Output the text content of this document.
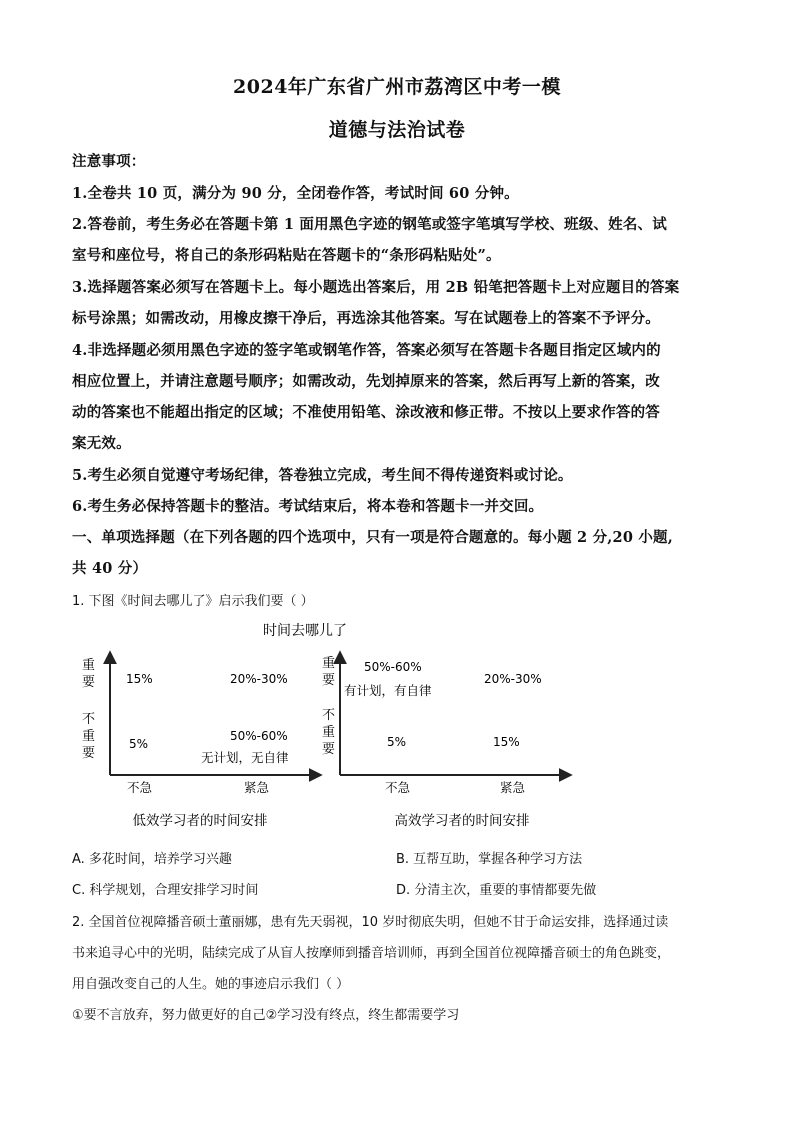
2024年广东省广州市荔湾区中考一模
道德与法治试卷
注意事项：
1.全卷共 10 页，满分为 90 分，全闭卷作答，考试时间 60 分钟。
2.答卷前，考生务必在答题卡第 1 面用黑色字迹的钢笔或签字笔填写学校、班级、姓名、试
室号和座位号，将自己的条形码粘贴在答题卡的“条形码粘贴处”。
3.选择题答案必须写在答题卡上。每小题选出答案后，用 2B 铅笔把答题卡上对应题目的答案
标号涂黑；如需改动，用橡皮擦干净后，再选涂其他答案。写在试题卷上的答案不予评分。
4.非选择题必须用黑色字迹的签字笔或钢笔作答，答案必须写在答题卡各题目指定区域内的
相应位置上，并请注意题号顺序；如需改动，先划掉原来的答案，然后再写上新的答案，改
动的答案也不能超出指定的区域；不准使用铅笔、涂改液和修正带。不按以上要求作答的答
案无效。
5.考生必须自觉遵守考场纪律，答卷独立完成，考生间不得传递资料或讨论。
6.考生务必保持答题卡的整洁。考试结束后，将本卷和答题卡一并交回。
一、单项选择题（在下列各题的四个选项中，只有一项是符合题意的。每小题 2 分,20 小题,
共 40 分）
1. 下图《时间去哪儿了》启示我们要（ ）
时间去哪儿了
重要
不重要
15%	20%-30%
5%
50%-60%
无计划，无自律
不急	紧急
低效学习者的时间安排
重要
不重要
50%-60%
有计划，有自律
20%-30%
5%	15%
不急	紧急
高效学习者的时间安排
A. 多花时间，培养学习兴趣	B. 互帮互助，掌握各种学习方法
C. 科学规划，合理安排学习时间	D. 分清主次，重要的事情都要先做
2. 全国首位视障播音硕士董丽娜，患有先天弱视，10 岁时彻底失明，但她不甘于命运安排，选择通过读
书来追寻心中的光明，陆续完成了从盲人按摩师到播音培训师，再到全国首位视障播音硕士的角色跳变，
用自强改变自己的人生。她的事迹启示我们（ ）
①要不言放弃，努力做更好的自己②学习没有终点，终生都需要学习
